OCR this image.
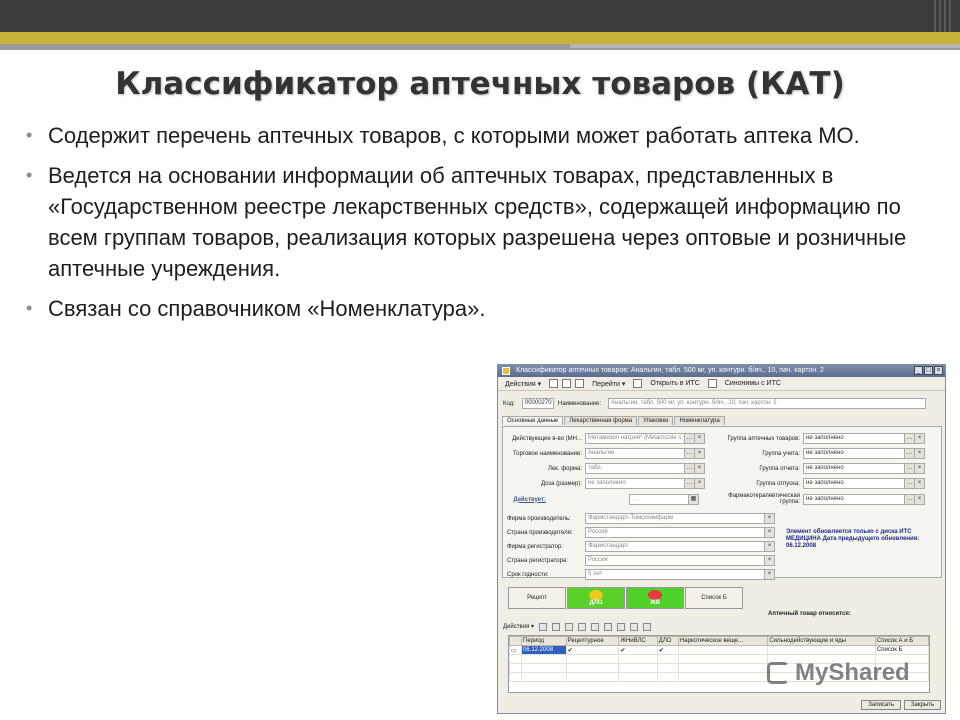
Классификатор аптечных товаров (КАТ)
• Содержит перечень аптечных товаров, с которыми может работать аптека МО.
• Ведется на основании информации об аптечных товарах, представленных в «Государственном реестре лекарственных средств», содержащей информацию по всем группам товаров, реализация которых разрешена через оптовые и розничные аптечные учреждения.
• Связан со справочником «Номенклатура».
Классификатор аптечных товаров: Анальгин, табл. 500 мг, уп. контурн. б/яч., 10, пач. картон. 2	_ □ ×
Действия ▾	Перейти ▾	Открыть в ИТС	Синонимы с ИТС
Код:	00000270	Наименование:	Анальгин, табл. 500 мг, уп. контурн. б/яч., 10, пач. картон. 2
Основные данные	Лекарственная форма	Упаковки	Номенклатура
Действующее в-во (МН...	Метамизол натрия* (Metamizole s … ×
Торговое наименование:	Анальгин	… ×
Лек. форма:	табл.	… ×
Доза (размер):	не заполнено	… ×
Действует:	. .	▦
Группа аптечных товаров:	не заполнено	… ×
Группа учета:	не заполнено	… ×
Группа отчета:	не заполнено	… ×
Группа отпуска:	не заполнено	… ×
Фармакотерапевтическая группа:
не заполнено	… ×
Фирма производитель:	Фармстандарт-Томскхимфарм	×
Страна производителя:	Россия	×
Фирма регистратор:	Фармстандарт	×
Страна регистратора:	Россия	×
Срок годности:	5 лет	×
Элемент обновляется только с диска ИТС МЕДИЦИНА Дата предыдущего обновления: 06.12.2008
Рецепт
ДЛО	ЖВ
Список Б
Аптечный товар относится:
Действия ▾
	Период	Рецептурное	ЖНиВЛС	ДЛО	Наркотическое веще...	Сильнодействующие и яды	Список А и Б
▭	06.12.2008	✔	✔	✔			Список Б

Записать	Закрыть
MyShared
